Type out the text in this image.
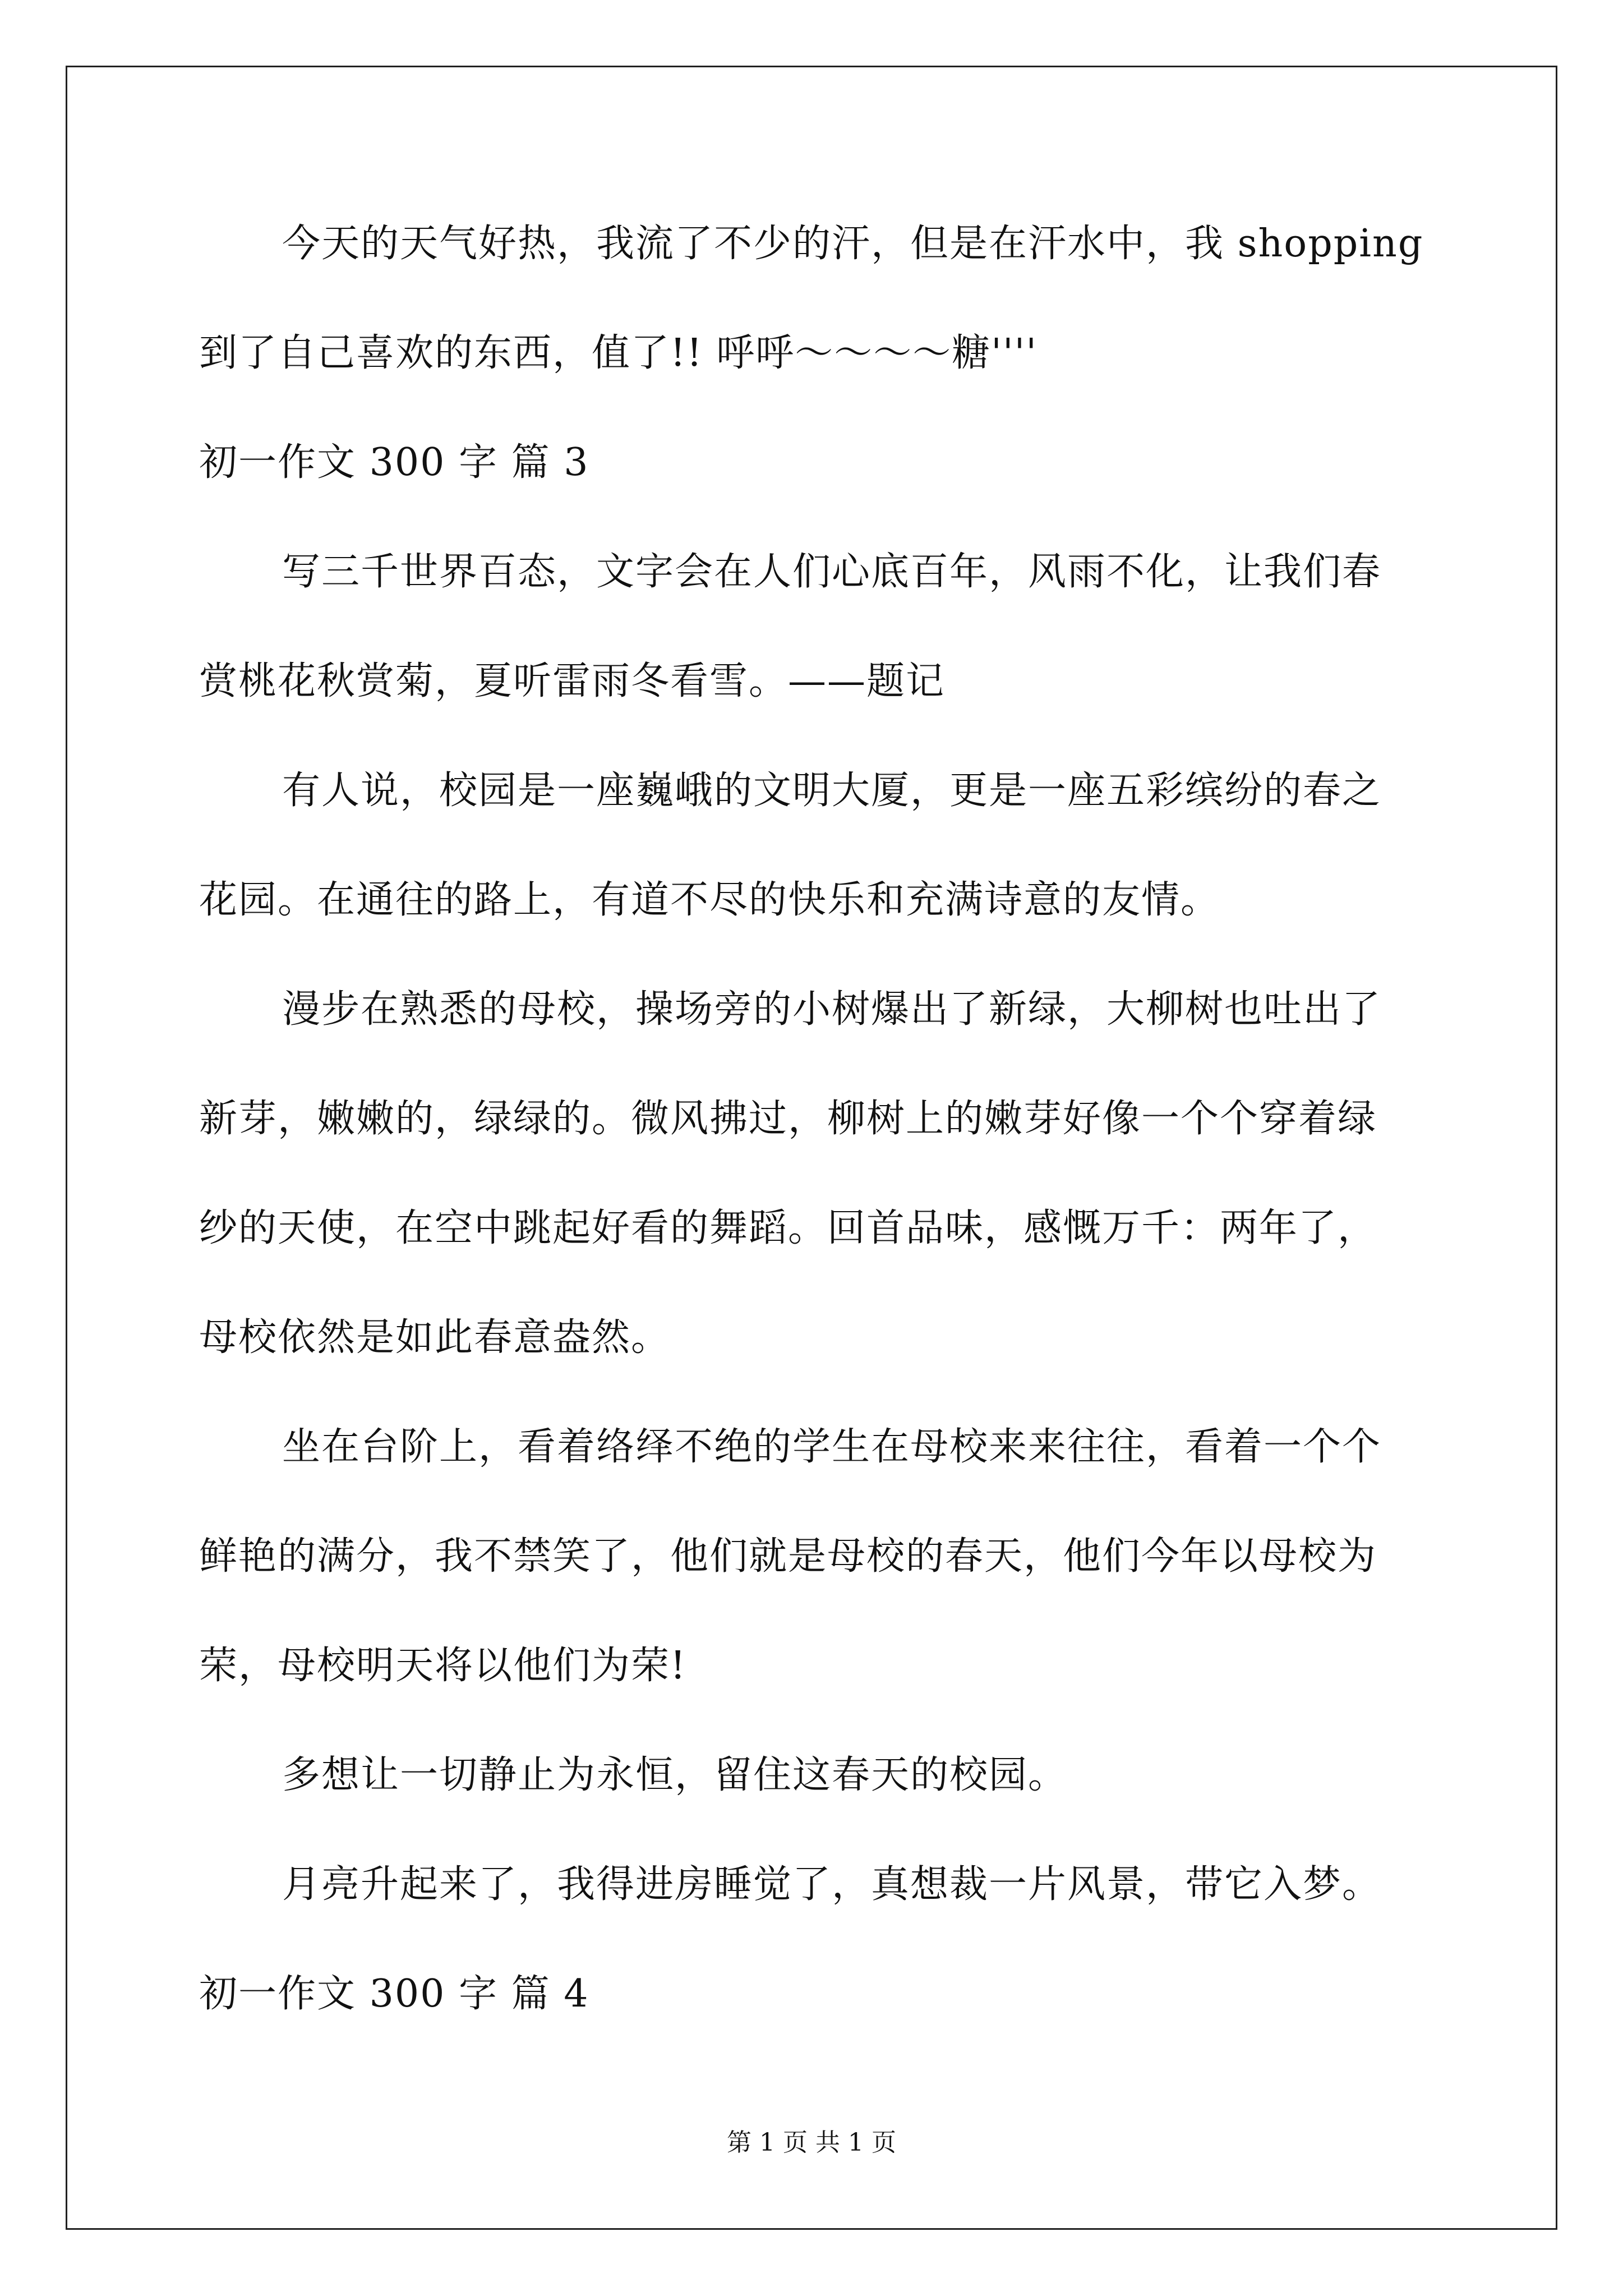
今天的天气好热，我流了不少的汗，但是在汗水中，我 shopping
到了自己喜欢的东西，值了!! 呼呼～～～～糖''''
初一作文 300 字 篇 3
写三千世界百态，文字会在人们心底百年，风雨不化，让我们春
赏桃花秋赏菊，夏听雷雨冬看雪。——题记
有人说，校园是一座巍峨的文明大厦，更是一座五彩缤纷的春之
花园。在通往的路上，有道不尽的快乐和充满诗意的友情。
漫步在熟悉的母校，操场旁的小树爆出了新绿，大柳树也吐出了
新芽，嫩嫩的，绿绿的。微风拂过，柳树上的嫩芽好像一个个穿着绿
纱的天使，在空中跳起好看的舞蹈。回首品味，感慨万千：两年了，
母校依然是如此春意盎然。
坐在台阶上，看着络绎不绝的学生在母校来来往往，看着一个个
鲜艳的满分，我不禁笑了，他们就是母校的春天，他们今年以母校为
荣，母校明天将以他们为荣!
多想让一切静止为永恒，留住这春天的校园。
月亮升起来了，我得进房睡觉了，真想裁一片风景，带它入梦。
初一作文 300 字 篇 4
第 1 页 共 1 页
